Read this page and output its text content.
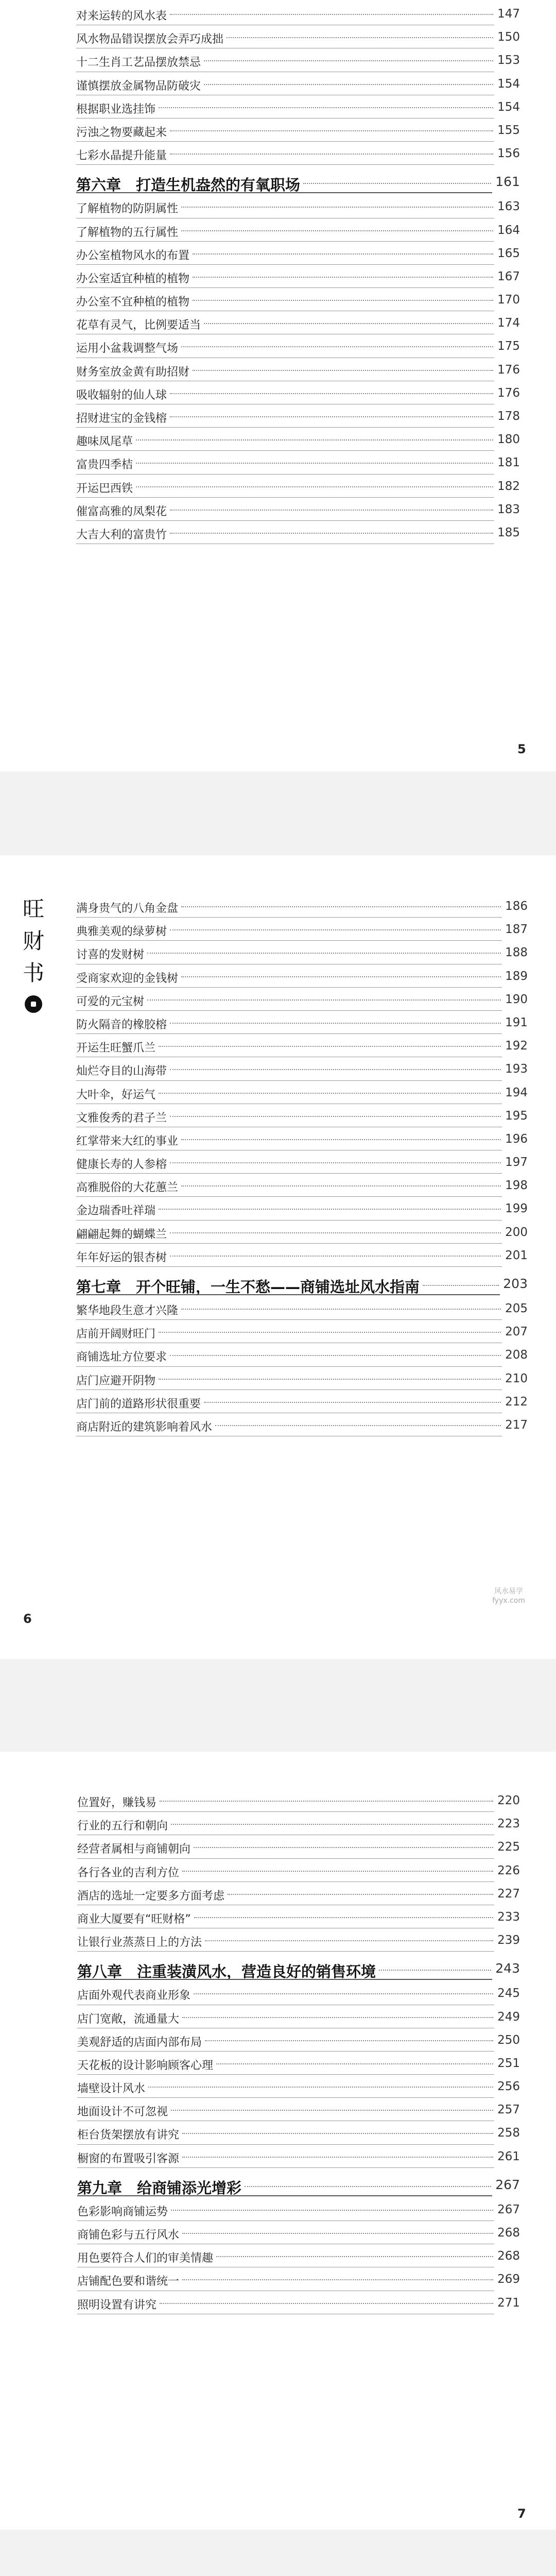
对来运转的风水表	147
风水物品错误摆放会弄巧成拙	150
十二生肖工艺品摆放禁忌	153
谨慎摆放金属物品防破灾	154
根据职业选挂饰	154
污浊之物要藏起来	155
七彩水晶提升能量	156
第六章　打造生机盎然的有氧职场	161
了解植物的防阴属性	163
了解植物的五行属性	164
办公室植物风水的布置	165
办公室适宜种植的植物	167
办公室不宜种植的植物	170
花草有灵气，比例要适当	174
运用小盆栽调整气场	175
财务室放金黄有助招财	176
吸收辐射的仙人球	176
招财进宝的金钱榕	178
趣味凤尾草	180
富贵四季桔	181
开运巴西铁	182
催富高雅的凤梨花	183
大吉大利的富贵竹	185
5
旺
财
书
满身贵气的八角金盘	186
典雅美观的绿萝树	187
讨喜的发财树	188
受商家欢迎的金钱树	189
可爱的元宝树	190
防火隔音的橡胶榕	191
开运生旺蟹爪兰	192
灿烂夺目的山海带	193
大叶伞，好运气	194
文雅俊秀的君子兰	195
红掌带来大红的事业	196
健康长寿的人参榕	197
高雅脱俗的大花蕙兰	198
金边瑞香吐祥瑞	199
翩翩起舞的蝴蝶兰	200
年年好运的银杏树	201
第七章　开个旺铺，一生不愁——商铺选址风水指南	203
繁华地段生意才兴隆	205
店前开阔财旺门	207
商铺选址方位要求	208
店门应避开阴物	210
店门前的道路形状很重要	212
商店附近的建筑影响着风水	217
6
风水易学
fyyx.com
位置好，赚钱易	220
行业的五行和朝向	223
经营者属相与商铺朝向	225
各行各业的吉利方位	226
酒店的选址一定要多方面考虑	227
商业大厦要有“旺财格”	233
让银行业蒸蒸日上的方法	239
第八章　注重装潢风水，营造良好的销售环境	243
店面外观代表商业形象	245
店门宽敞，流通量大	249
美观舒适的店面内部布局	250
天花板的设计影响顾客心理	251
墙壁设计风水	256
地面设计不可忽视	257
柜台货架摆放有讲究	258
橱窗的布置吸引客源	261
第九章　给商铺添光增彩	267
色彩影响商铺运势	267
商铺色彩与五行风水	268
用色要符合人们的审美情趣	268
店铺配色要和谐统一	269
照明设置有讲究	271
7
